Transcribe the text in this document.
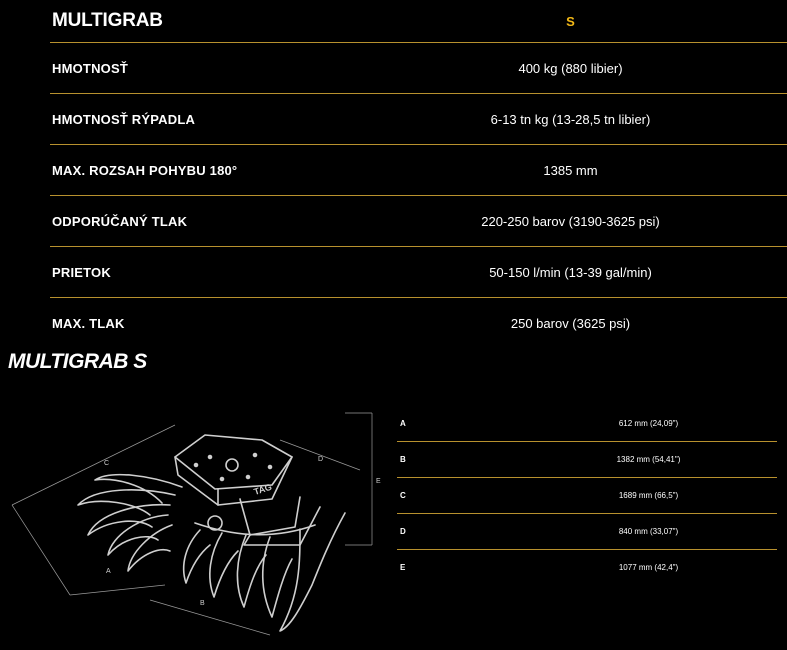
MULTIGRAB	S
HMOTNOSŤ	400 kg (880 libier)
HMOTNOSŤ RÝPADLA	6-13 tn kg (13-28,5 tn libier)
MAX. ROZSAH POHYBU 180°	1385 mm
ODPORÚČANÝ TLAK	220-250 barov (3190-3625 psi)
PRIETOK	50-150 l/min (13-39 gal/min)
MAX. TLAK	250 barov (3625 psi)
MULTIGRAB S
C
A
B
D
E
TAG
A	612 mm (24,09")
B	1382 mm (54,41")
C	1689 mm (66,5")
D	840 mm (33,07")
E	1077 mm (42,4")
